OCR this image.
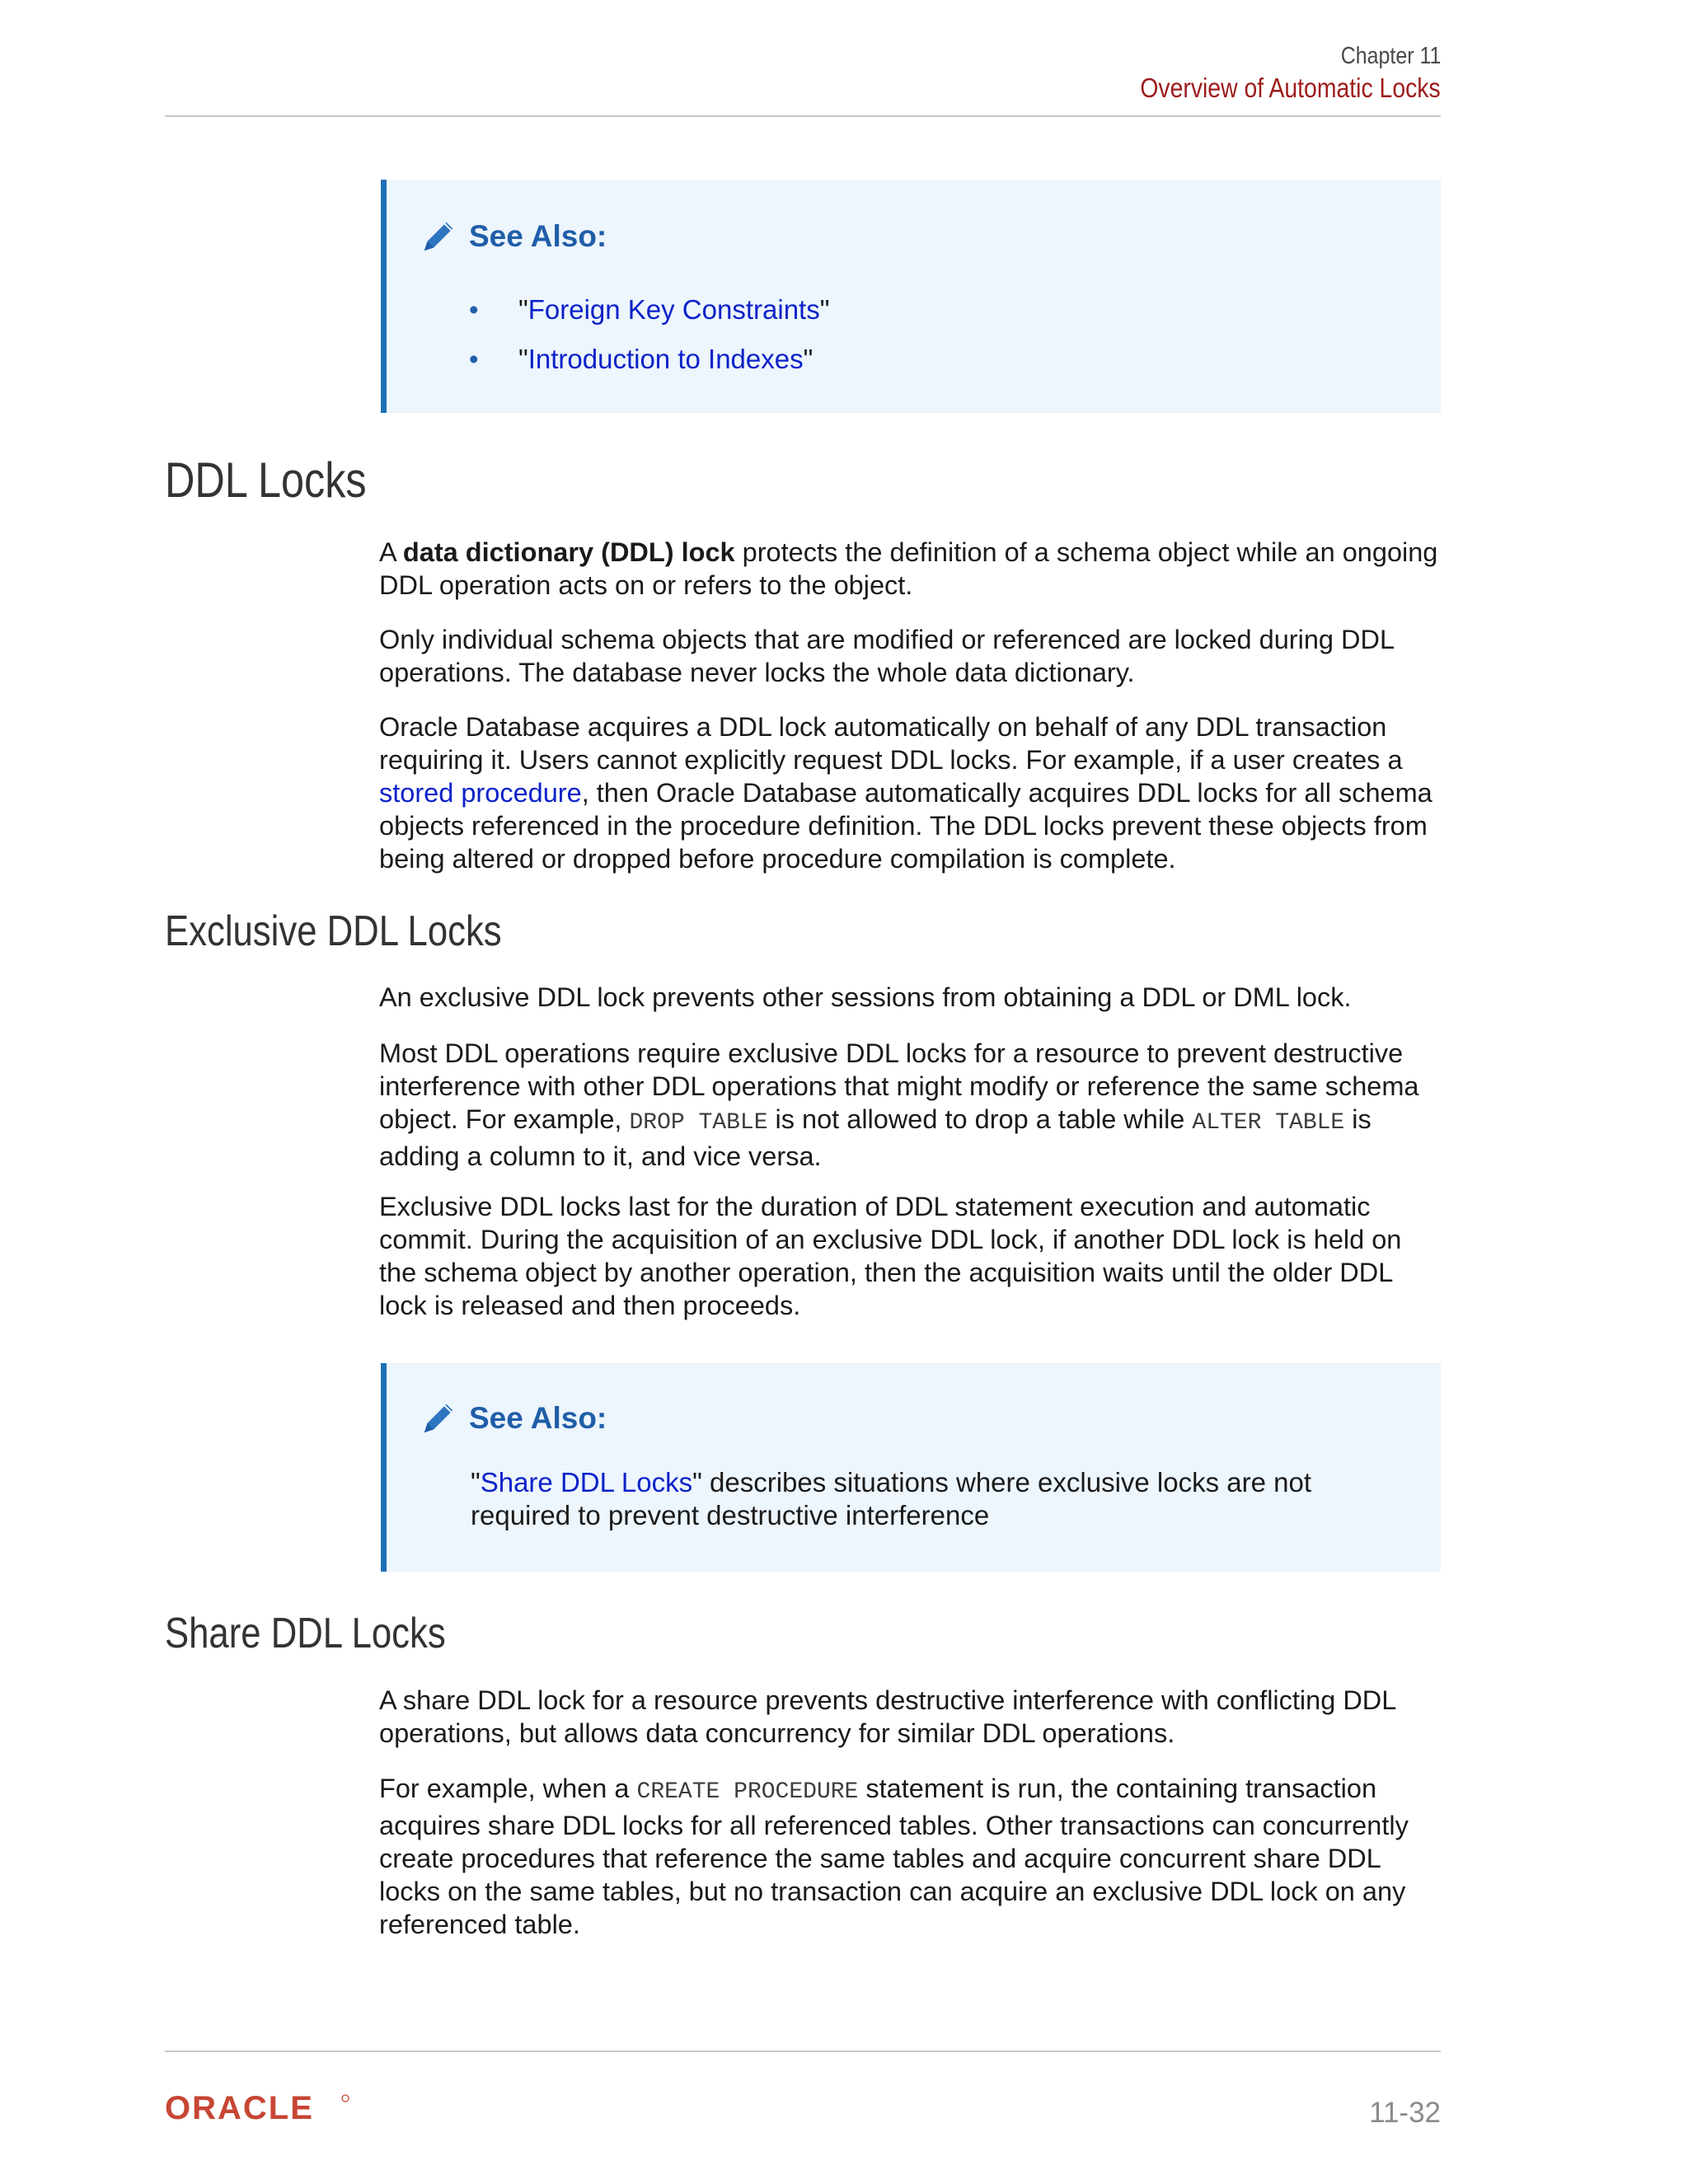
Chapter 11
Overview of Automatic Locks
See Also:
• "Foreign Key Constraints"
• "Introduction to Indexes"
DDL Locks

A data dictionary (DDL) lock protects the definition of a schema object while an ongoing DDL operation acts on or refers to the object.

Only individual schema objects that are modified or referenced are locked during DDL operations. The database never locks the whole data dictionary.

Oracle Database acquires a DDL lock automatically on behalf of any DDL transaction requiring it. Users cannot explicitly request DDL locks. For example, if a user creates a stored procedure, then Oracle Database automatically acquires DDL locks for all schema objects referenced in the procedure definition. The DDL locks prevent these objects from being altered or dropped before procedure compilation is complete.

Exclusive DDL Locks

An exclusive DDL lock prevents other sessions from obtaining a DDL or DML lock.

Most DDL operations require exclusive DDL locks for a resource to prevent destructive interference with other DDL operations that might modify or reference the same schema object. For example, DROP TABLE is not allowed to drop a table while ALTER TABLE is adding a column to it, and vice versa.

Exclusive DDL locks last for the duration of DDL statement execution and automatic commit. During the acquisition of an exclusive DDL lock, if another DDL lock is held on the schema object by another operation, then the acquisition waits until the older DDL lock is released and then proceeds.

See Also:
"Share DDL Locks" describes situations where exclusive locks are not required to prevent destructive interference
Share DDL Locks

A share DDL lock for a resource prevents destructive interference with conflicting DDL operations, but allows data concurrency for similar DDL operations.

For example, when a CREATE PROCEDURE statement is run, the containing transaction acquires share DDL locks for all referenced tables. Other transactions can concurrently create procedures that reference the same tables and acquire concurrent share DDL locks on the same tables, but no transaction can acquire an exclusive DDL lock on any referenced table.

ORACLE	11-32
